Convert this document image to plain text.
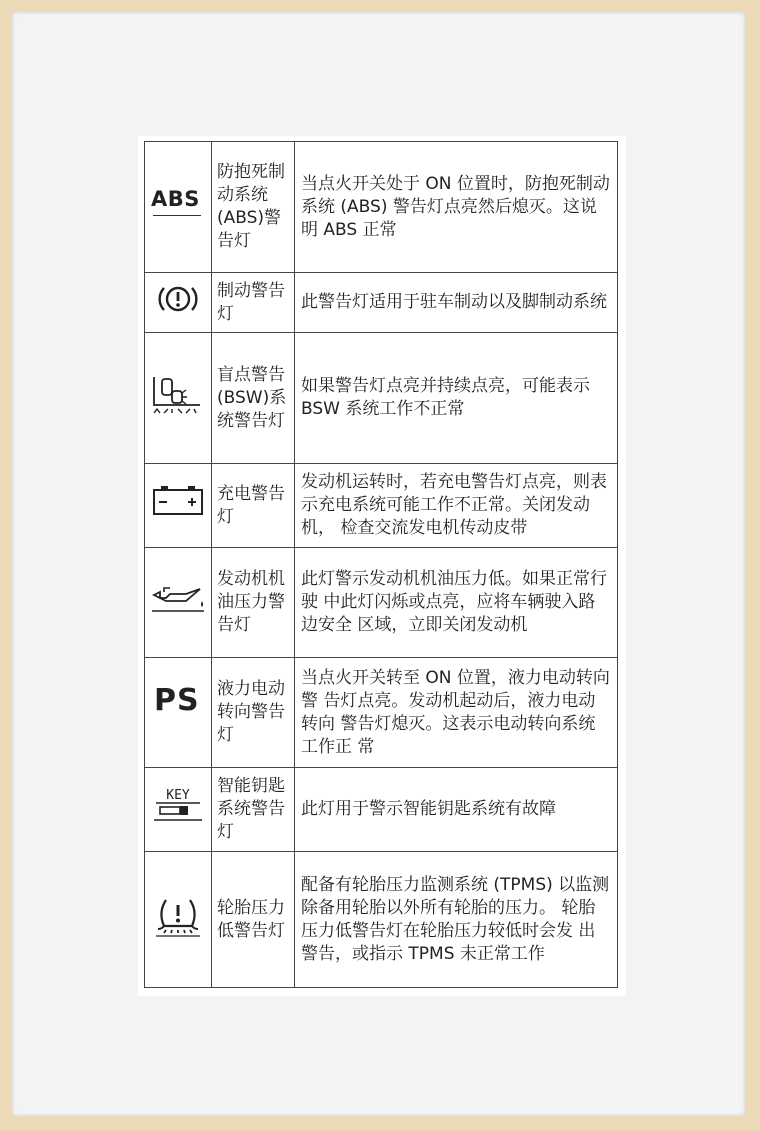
ABS	防抱死制动系统(ABS)警告灯	当点火开关处于 ON 位置时，防抱死制动 系统 (ABS) 警告灯点亮然后熄灭。这说明 ABS 正常
	制动警告灯	此警告灯适用于驻车制动以及脚制动系统
	盲点警告(BSW)系统警告灯	如果警告灯点亮并持续点亮，可能表示 BSW 系统工作不正常
	充电警告灯	发动机运转时，若充电警告灯点亮，则表 示充电系统可能工作不正常。关闭发动机， 检查交流发电机传动皮带
	发动机机油压力警告灯	此灯警示发动机机油压力低。如果正常行驶 中此灯闪烁或点亮，应将车辆驶入路边安全 区域，立即关闭发动机

PS	液力电动转向警告灯	当点火开关转至 ON 位置，液力电动转向警 告灯点亮。发动机起动后，液力电动转向 警告灯熄灭。这表示电动转向系统工作正 常

KEY	智能钥匙系统警告灯	此灯用于警示智能钥匙系统有故障
	轮胎压力低警告灯	配备有轮胎压力监测系统 (TPMS) 以监测除备用轮胎以外所有轮胎的压力。 轮胎压力低警告灯在轮胎压力较低时会发 出警告，或指示 TPMS 未正常工作
